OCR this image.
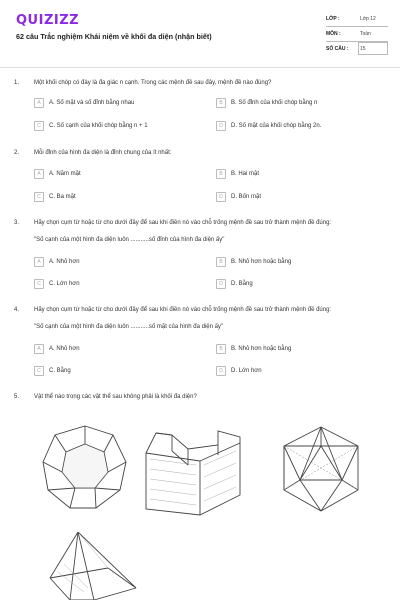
QUIZIZZ
62 câu Trắc nghiệm Khái niệm về khối đa diện (nhận biết)
LỚP :	Lớp 12
MÔN :	Toán
SỐ CÂU : 15
1. Một khối chóp có đáy là đa giác n cạnh. Trong các mệnh đề sau đây, mệnh đề nào đúng?
A	A. Số mặt và số đỉnh bằng nhau	B	B. Số đỉnh của khối chóp bằng n
C	C. Số cạnh của khối chóp bằng n + 1	D	D. Số mặt của khối chóp bằng 2n.
2. Mỗi đỉnh của hình đa diện là đỉnh chung của ít nhất:
A	A. Năm mặt	B	B. Hai mặt
C	C. Ba mặt	D	D. Bốn mặt
3. Hãy chọn cụm từ hoặc từ cho dưới đây để sau khi điền nó vào chỗ trống mệnh đề sau trở thành mệnh đề đúng:
"Số cạnh của một hình đa diện luôn ...........số đỉnh của hình đa diện ấy"
A	A. Nhỏ hơn	B	B. Nhỏ hơn hoặc bằng
C	C. Lớn hơn	D	D. Bằng
4. Hãy chọn cụm từ hoặc từ cho dưới đây để sau khi điền nó vào chỗ trống mệnh đề sau trở thành mệnh đề đúng:
"Số cạnh của một hình đa diện luôn ...........số mặt của hình đa diện ấy"
A	A. Nhỏ hơn	B	B. Nhỏ hơn hoặc bằng
C	C. Bằng	D	D. Lớn hơn
5. Vật thể nào trong các vật thể sau không phải là khối đa diện?
